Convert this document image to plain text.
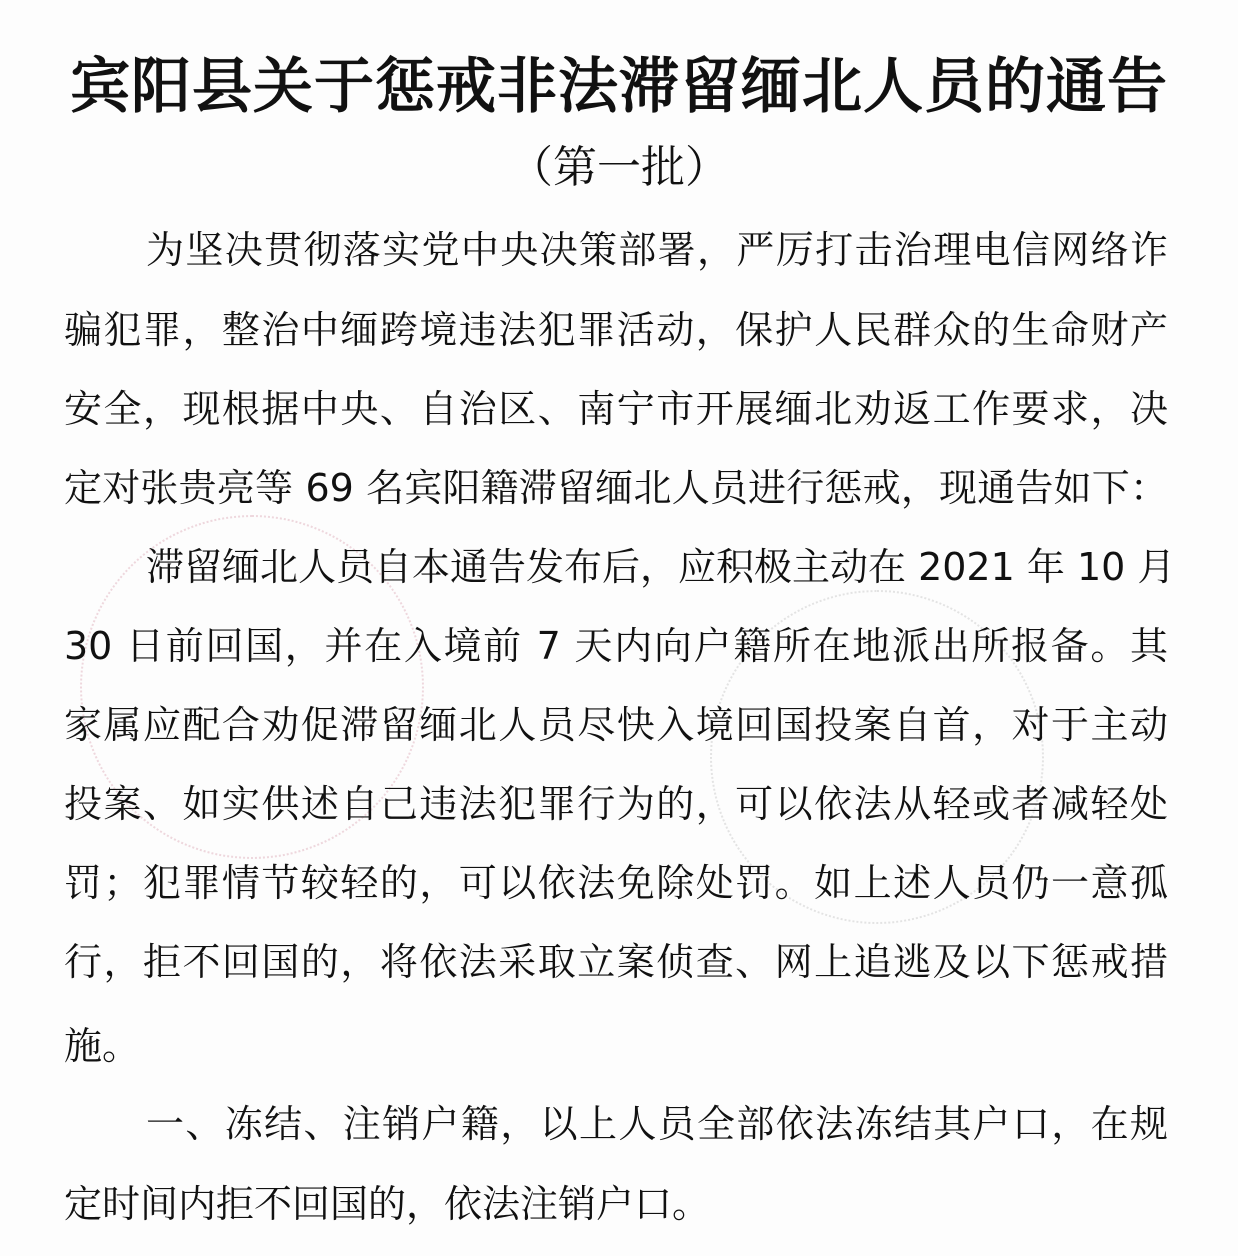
宾阳县关于惩戒非法滞留缅北人员的通告
（第一批）
为坚决贯彻落实党中央决策部署，严厉打击治理电信网络诈
骗犯罪，整治中缅跨境违法犯罪活动，保护人民群众的生命财产
安全，现根据中央、自治区、南宁市开展缅北劝返工作要求，决
定对张贵亮等 69 名宾阳籍滞留缅北人员进行惩戒，现通告如下：
滞留缅北人员自本通告发布后，应积极主动在 2021 年 10 月
30 日前回国，并在入境前 7 天内向户籍所在地派出所报备。其
家属应配合劝促滞留缅北人员尽快入境回国投案自首，对于主动
投案、如实供述自己违法犯罪行为的，可以依法从轻或者减轻处
罚；犯罪情节较轻的，可以依法免除处罚。如上述人员仍一意孤
行，拒不回国的，将依法采取立案侦查、网上追逃及以下惩戒措
施。
一、冻结、注销户籍，以上人员全部依法冻结其户口，在规
定时间内拒不回国的，依法注销户口。
